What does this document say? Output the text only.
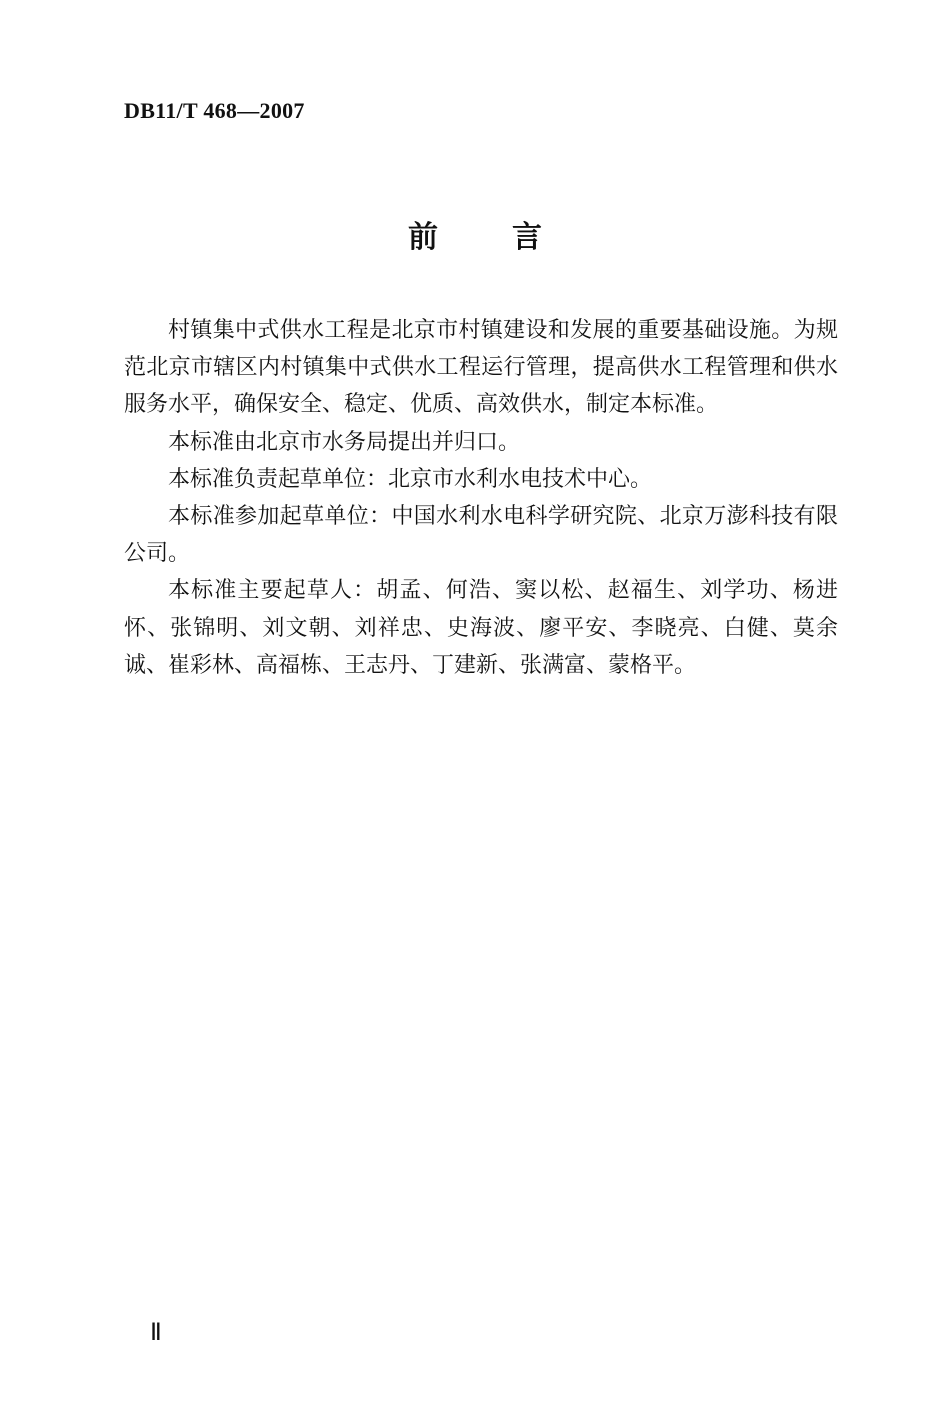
DB11/T 468—2007
前 言

村镇集中式供水工程是北京市村镇建设和发展的重要基础设施。为规范北京市辖区内村镇集中式供水工程运行管理，提高供水工程管理和供水服务水平，确保安全、稳定、优质、高效供水，制定本标准。

本标准由北京市水务局提出并归口。

本标准负责起草单位：北京市水利水电技术中心。

本标准参加起草单位：中国水利水电科学研究院、北京万澎科技有限公司。

本标准主要起草人：胡孟、何浩、窦以松、赵福生、刘学功、杨进怀、张锦明、刘文朝、刘祥忠、史海波、廖平安、李晓亮、白健、莫余诚、崔彩林、高福栋、王志丹、丁建新、张满富、蒙格平。

Ⅱ
